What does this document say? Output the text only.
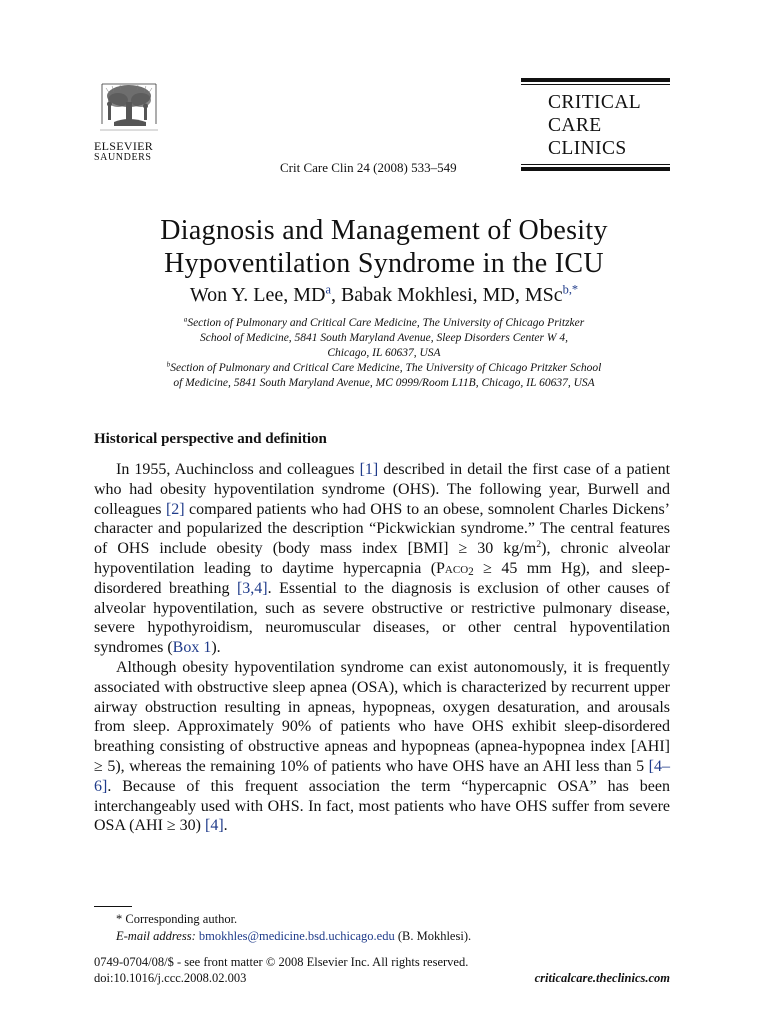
ELSEVIER
SAUNDERS
Crit Care Clin 24 (2008) 533–549
CRITICAL
CARE
CLINICS
Diagnosis and Management of Obesity
Hypoventilation Syndrome in the ICU
Won Y. Lee, $MD^a$, Babak Mokhlesi, MD, MSc$^{b,*}$

$^a$Section of Pulmonary and Critical Care Medicine, The University of Chicago Pritzker
School of Medicine, 5841 South Maryland Avenue, Sleep Disorders Center W 4,
Chicago, IL 60637, USA

$^b$Section of Pulmonary and Critical Care Medicine, The University of Chicago Pritzker School
of Medicine, 5841 South Maryland Avenue, MC 0999/Room L11B, Chicago, IL 60637, USA

Historical perspective and definition

In 1955, Auchincloss and colleagues [1] described in detail the first case of a patient who had obesity hypoventilation syndrome (OHS). The following year, Burwell and colleagues [2] compared patients who had OHS to an obese, somnolent Charles Dickens’ character and popularized the description “Pickwickian syndrome.” The central features of OHS include obesity (body mass index [BMI] ≥ 30 $kg/m^2$), chronic alveolar hypoventilation leading to daytime hypercapnia (Paco$_2$ ≥ 45 mm Hg), and sleep-disordered breathing [3,4]. Essential to the diagnosis is exclusion of other causes of alveolar hypoventilation, such as severe obstructive or restrictive pulmonary disease, severe hypothyroidism, neuromuscular diseases, or other central hypoventilation syndromes (Box 1).

Although obesity hypoventilation syndrome can exist autonomously, it is frequently associated with obstructive sleep apnea (OSA), which is characterized by recurrent upper airway obstruction resulting in apneas, hypopneas, oxygen desaturation, and arousals from sleep. Approximately 90% of patients who have OHS exhibit sleep-disordered breathing consisting of obstructive apneas and hypopneas (apnea-hypopnea index [AHI] ≥ 5), whereas the remaining 10% of patients who have OHS have an AHI less than 5 [4–6]. Because of this frequent association the term “hypercapnic OSA” has been interchangeably used with OHS. In fact, most patients who have OHS suffer from severe OSA (AHI ≥ 30) [4].

* Corresponding author.
E-mail address: bmokhles@medicine.bsd.uchicago.edu (B. Mokhlesi).
0749-0704/08/$ - see front matter © 2008 Elsevier Inc. All rights reserved.
doi:10.1016/j.ccc.2008.02.003	criticalcare.theclinics.com
